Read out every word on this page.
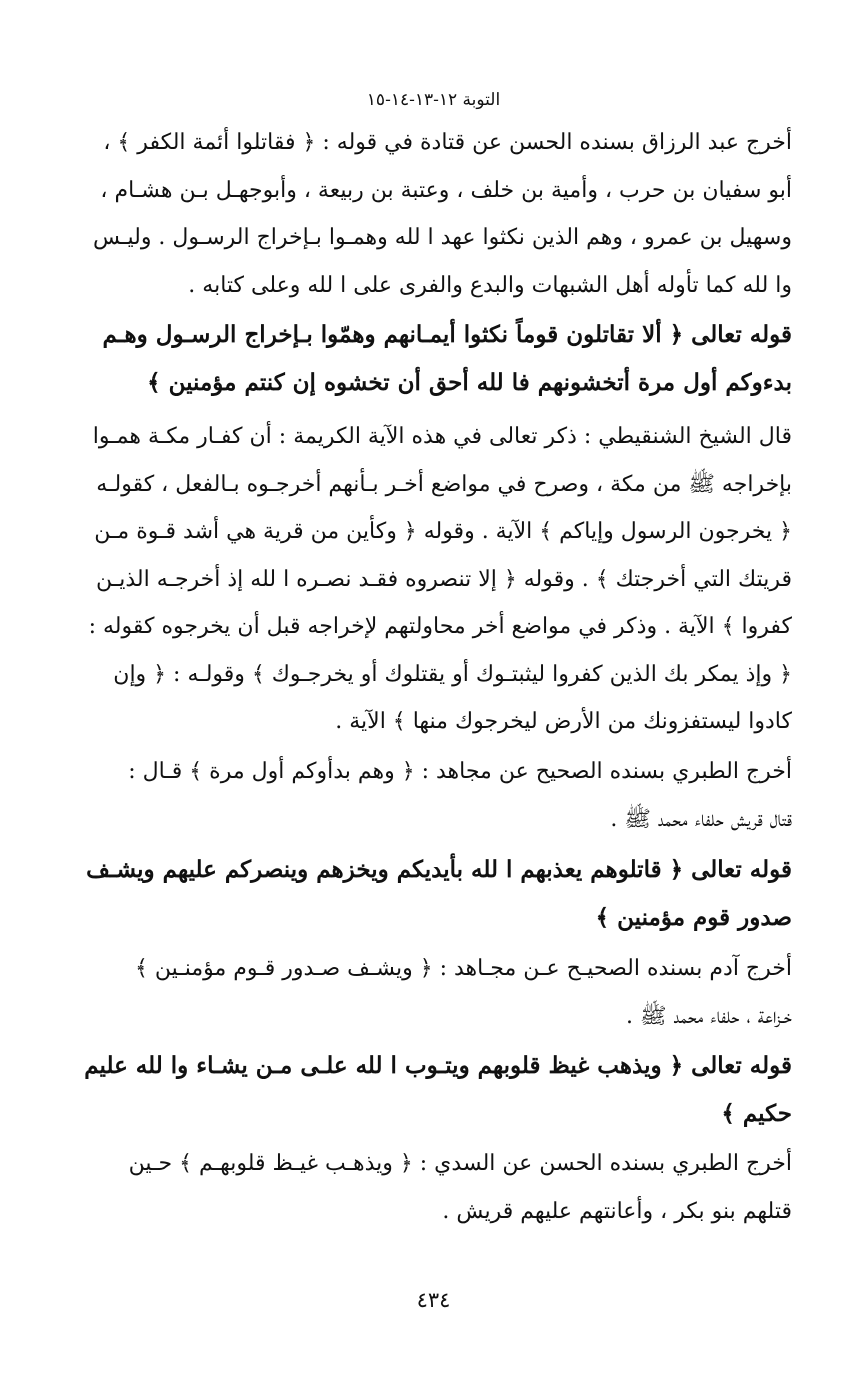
التوبة ١٢-١٣-١٤-١٥
أخرج عبد الرزاق بسنده الحسن عن قتادة في قوله : ﴿ فقاتلوا أئمة الكفر ﴾ ،
أبو سفيان بن حرب ، وأمية بن خلف ، وعتبة بن ربيعة ، وأبوجهـل بـن هشـام ،
وسهيل بن عمرو ، وهم الذين نكثوا عهد ا لله وهمـوا بـإخراج الرسـول . وليـس
وا لله كما تأوله أهل الشبهات والبدع والفرى على ا لله وعلى كتابه .
قوله تعالى ﴿ ألا تقاتلون قوماً نكثوا أيمـانهم وهمّوا بـإخراج الرسـول وهـم
بدءوكم أول مرة أتخشونهم فا لله أحق أن تخشوه إن كنتم مؤمنين ﴾
قال الشيخ الشنقيطي : ذكر تعالى في هذه الآية الكريمة : أن كفـار مكـة همـوا
بإخراجه ﷺ من مكة ، وصرح في مواضع أخـر بـأنهم أخرجـوه بـالفعل ، كقولـه
﴿ يخرجون الرسول وإياكم ﴾ الآية . وقوله ﴿ وكأين من قرية هي أشد قـوة مـن
قريتك التي أخرجتك ﴾ . وقوله ﴿ إلا تنصروه فقـد نصـره ا لله إذ أخرجـه الذيـن
كفروا ﴾ الآية . وذكر في مواضع أخر محاولتهم لإخراجه قبل أن يخرجوه كقوله :
﴿ وإذ يمكر بك الذين كفروا ليثبتـوك أو يقتلوك أو يخرجـوك ﴾ وقولـه : ﴿ وإن
كادوا ليستفزونك من الأرض ليخرجوك منها ﴾ الآية .
أخرج الطبري بسنده الصحيح عن مجاهد : ﴿ وهم بدأوكم أول مرة ﴾ قـال :
قتال قريش حلفاء محمد ﷺ .
قوله تعالى ﴿ قاتلوهم يعذبهم ا لله بأيديكم ويخزهم وينصركم عليهم ويشـف
صدور قوم مؤمنين ﴾
أخرج آدم بسنده الصحيـح عـن مجـاهد : ﴿ ويشـف صـدور قـوم مؤمنـين ﴾
خـزاعة ، حلفاء محمد ﷺ .
قوله تعالى ﴿ ويذهب غيظ قلوبهم ويتـوب ا لله علـى مـن يشـاء وا لله عليم
حكيم ﴾
أخرج الطبري بسنده الحسن عن السدي : ﴿ ويذهـب غيـظ قلوبهـم ﴾ حـين
قتلهم بنو بكر ، وأعانتهم عليهم قريش .
٤٣٤
